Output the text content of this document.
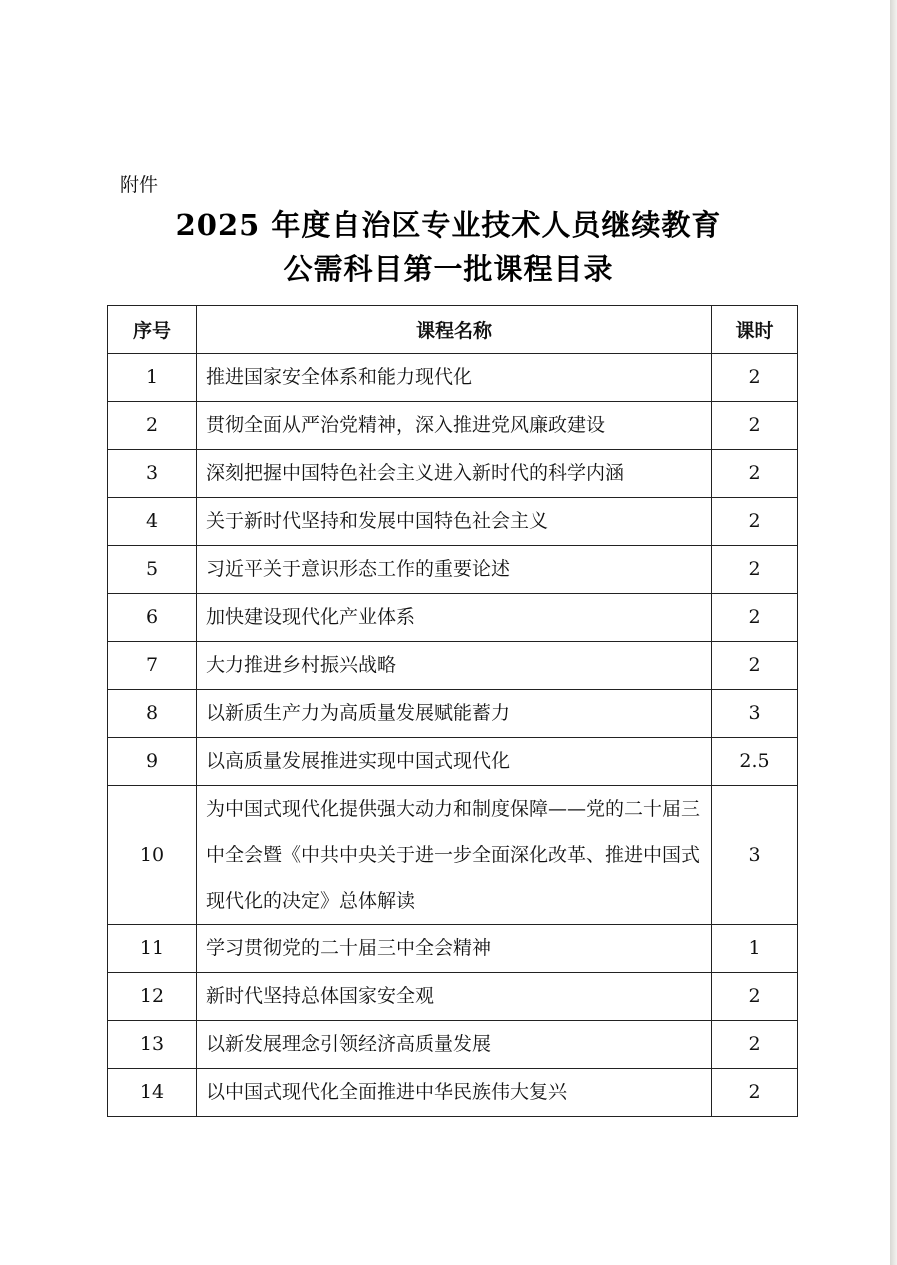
附件
2025 年度自治区专业技术人员继续教育
公需科目第一批课程目录
序号	课程名称	课时
1	推进国家安全体系和能力现代化	2
2	贯彻全面从严治党精神，深入推进党风廉政建设	2
3	深刻把握中国特色社会主义进入新时代的科学内涵	2
4	关于新时代坚持和发展中国特色社会主义	2
5	习近平关于意识形态工作的重要论述	2
6	加快建设现代化产业体系	2
7	大力推进乡村振兴战略	2
8	以新质生产力为高质量发展赋能蓄力	3
9	以高质量发展推进实现中国式现代化	2.5
10	为中国式现代化提供强大动力和制度保障——党的二十届三中全会暨《中共中央关于进一步全面深化改革、推进中国式现代化的决定》总体解读	3
11	学习贯彻党的二十届三中全会精神	1
12	新时代坚持总体国家安全观	2
13	以新发展理念引领经济高质量发展	2
14	以中国式现代化全面推进中华民族伟大复兴	2
